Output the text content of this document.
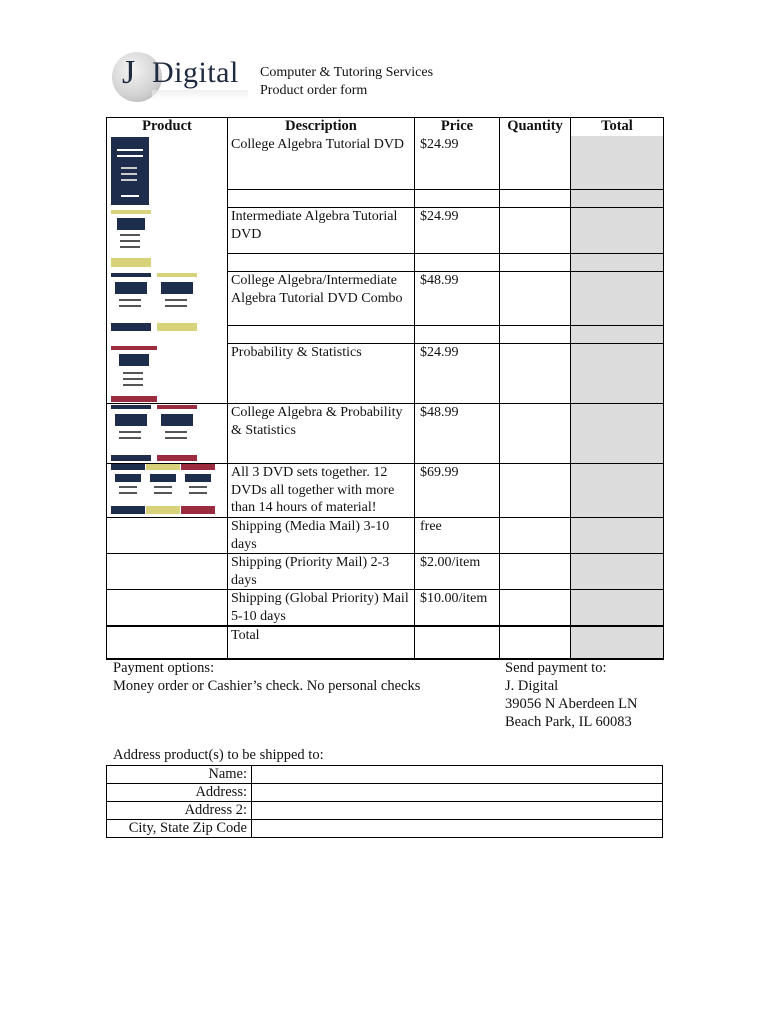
J Digital Computer & Tutoring Services
Product order form
Product	Description	Price	Quantity	Total

	College Algebra Tutorial DVD	$24.99		

	Intermediate Algebra Tutorial DVD	$24.99		

	College Algebra/Intermediate Algebra Tutorial DVD Combo	$48.99		

	Probability & Statistics	$24.99		

	College Algebra & Probability & Statistics	$48.99		

	All 3 DVD sets together. 12 DVDs all together with more than 14 hours of material!	$69.99		
	Shipping (Media Mail) 3-10 days	free		
	Shipping (Priority Mail) 2-3 days	$2.00/item		
	Shipping (Global Priority) Mail 5-10 days	$10.00/item		
	Total			
Payment options:
Money order or Cashier’s check. No personal checks
Send payment to:
J. Digital
39056 N Aberdeen LN
Beach Park, IL 60083
Address product(s) to be shipped to:
Name:	
Address:	
Address 2:	
City, State Zip Code	
